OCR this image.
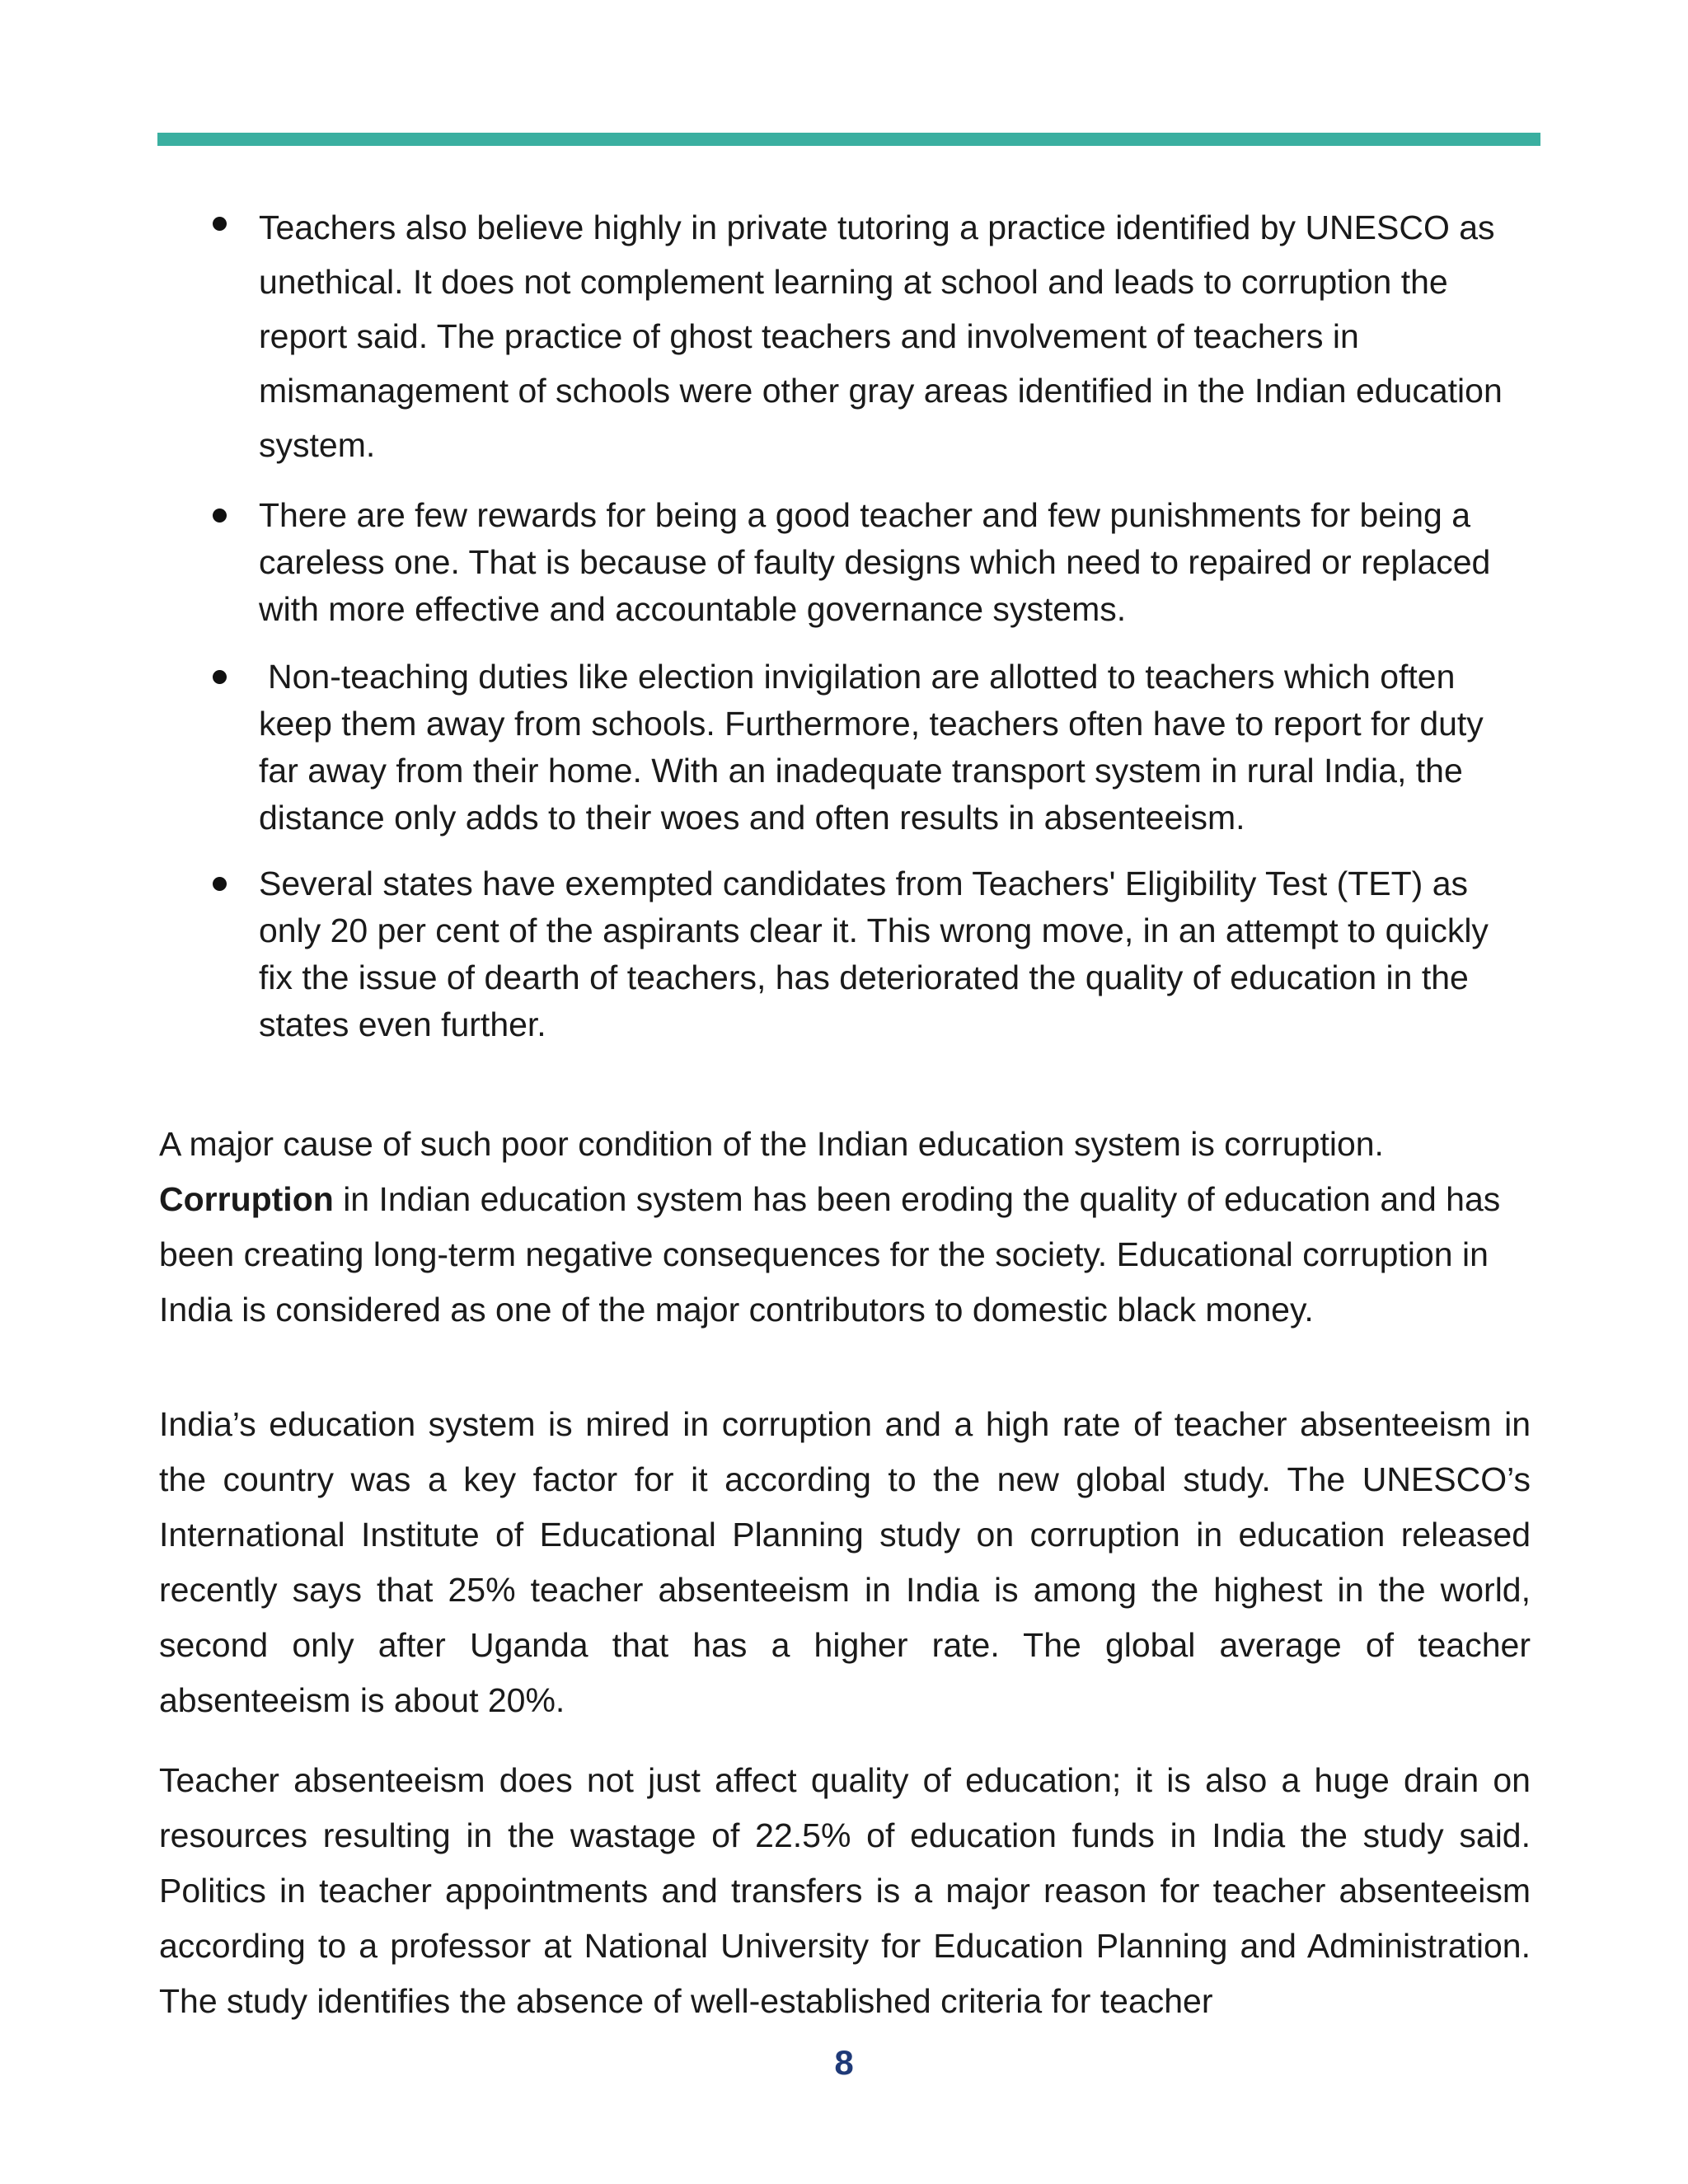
Teachers also believe highly in private tutoring a practice identified by UNESCO as unethical. It does not complement learning at school and leads to corruption the report said. The practice of ghost teachers and involvement of teachers in mismanagement of schools were other gray areas identified in the Indian education system.

There are few rewards for being a good teacher and few punishments for being a careless one. That is because of faulty designs which need to repaired or replaced with more effective and accountable governance systems.

Non-teaching duties like election invigilation are allotted to teachers which often keep them away from schools. Furthermore, teachers often have to report for duty far away from their home. With an inadequate transport system in rural India, the distance only adds to their woes and often results in absenteeism.

Several states have exempted candidates from Teachers' Eligibility Test (TET) as only 20 per cent of the aspirants clear it. This wrong move, in an attempt to quickly fix the issue of dearth of teachers, has deteriorated the quality of education in the states even further.

A major cause of such poor condition of the Indian education system is corruption.
Corruption in Indian education system has been eroding the quality of education and has been creating long-term negative consequences for the society. Educational corruption in India is considered as one of the major contributors to domestic black money.

India’s education system is mired in corruption and a high rate of teacher absenteeism in the country was a key factor for it according to the new global study. The UNESCO’s International Institute of Educational Planning study on corruption in education released recently says that 25% teacher absenteeism in India is among the highest in the world, second only after Uganda that has a higher rate. The global average of teacher absenteeism is about 20%.

Teacher absenteeism does not just affect quality of education; it is also a huge drain on resources resulting in the wastage of 22.5% of education funds in India the study said. Politics in teacher appointments and transfers is a major reason for teacher absenteeism according to a professor at National University for Education Planning and Administration. The study identifies the absence of well-established criteria for teacher

8
